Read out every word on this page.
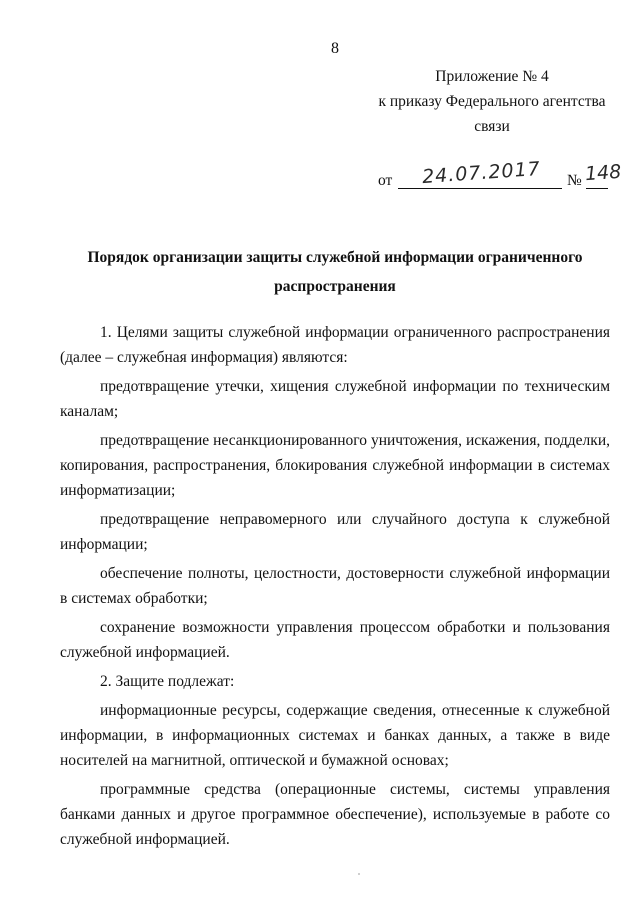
8
Приложение № 4
к приказу Федерального агентства
связи
от 24.07.2017 № 148
Порядок организации защиты служебной информации ограниченного
распространения

1. Целями защиты служебной информации ограниченного распространения (далее – служебная информация) являются:

предотвращение утечки, хищения служебной информации по техническим каналам;

предотвращение несанкционированного уничтожения, искажения, подделки, копирования, распространения, блокирования служебной информации в системах информатизации;

предотвращение неправомерного или случайного доступа к служебной информации;

обеспечение полноты, целостности, достоверности служебной информации в системах обработки;

сохранение возможности управления процессом обработки и пользования служебной информацией.

2. Защите подлежат:

информационные ресурсы, содержащие сведения, отнесенные к служебной информации, в информационных системах и банках данных, а также в виде носителей на магнитной, оптической и бумажной основах;

программные средства (операционные системы, системы управления банками данных и другое программное обеспечение), используемые в работе со служебной информацией.
